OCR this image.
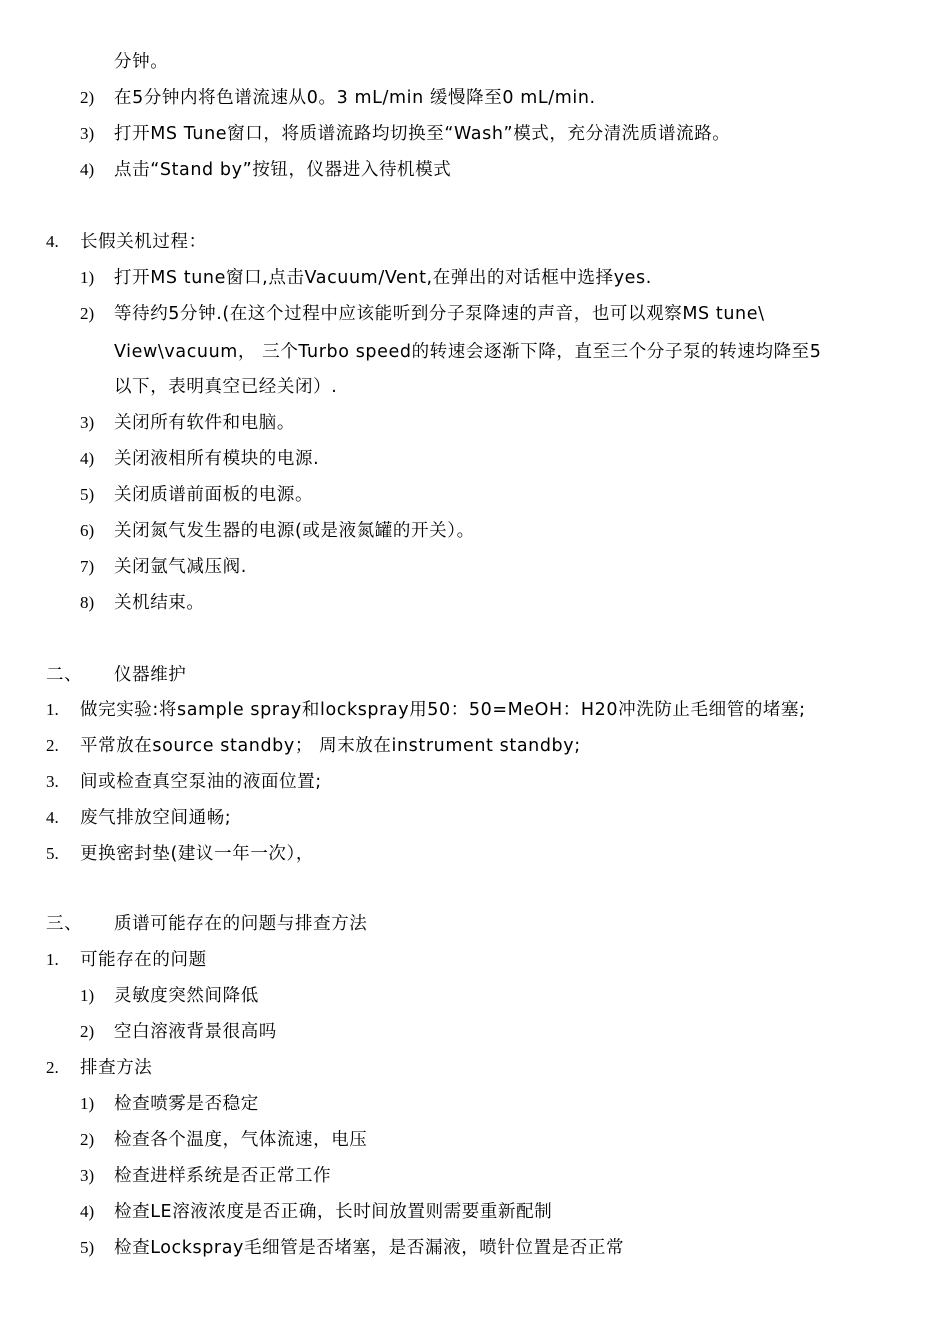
分钟。
2) 在5分钟内将色谱流速从0。3 mL/min 缓慢降至0 mL/min.
3) 打开MS Tune窗口，将质谱流路均切换至“Wash”模式，充分清洗质谱流路。
4) 点击“Stand by”按钮，仪器进入待机模式
4. 长假关机过程：
1) 打开MS tune窗口,点击Vacuum/Vent,在弹出的对话框中选择yes.
2) 等待约5分钟.(在这个过程中应该能听到分子泵降速的声音，也可以观察MS tune\
View\vacuum， 三个Turbo speed的转速会逐渐下降，直至三个分子泵的转速均降至5
以下，表明真空已经关闭）.
3) 关闭所有软件和电脑。
4) 关闭液相所有模块的电源.
5) 关闭质谱前面板的电源。
6) 关闭氮气发生器的电源(或是液氮罐的开关）。
7) 关闭氩气减压阀.
8) 关机结束。
二、 仪器维护
1. 做完实验:将sample spray和lockspray用50：50=MeOH：H20冲洗防止毛细管的堵塞;
2. 平常放在source standby； 周末放在instrument standby;
3. 间或检查真空泵油的液面位置;
4. 废气排放空间通畅;
5. 更换密封垫(建议一年一次），
三、 质谱可能存在的问题与排查方法
1. 可能存在的问题
1) 灵敏度突然间降低
2) 空白溶液背景很高吗
2. 排查方法
1) 检查喷雾是否稳定
2) 检查各个温度，气体流速，电压
3) 检查进样系统是否正常工作
4) 检查LE溶液浓度是否正确，长时间放置则需要重新配制
5) 检查Lockspray毛细管是否堵塞，是否漏液，喷针位置是否正常
